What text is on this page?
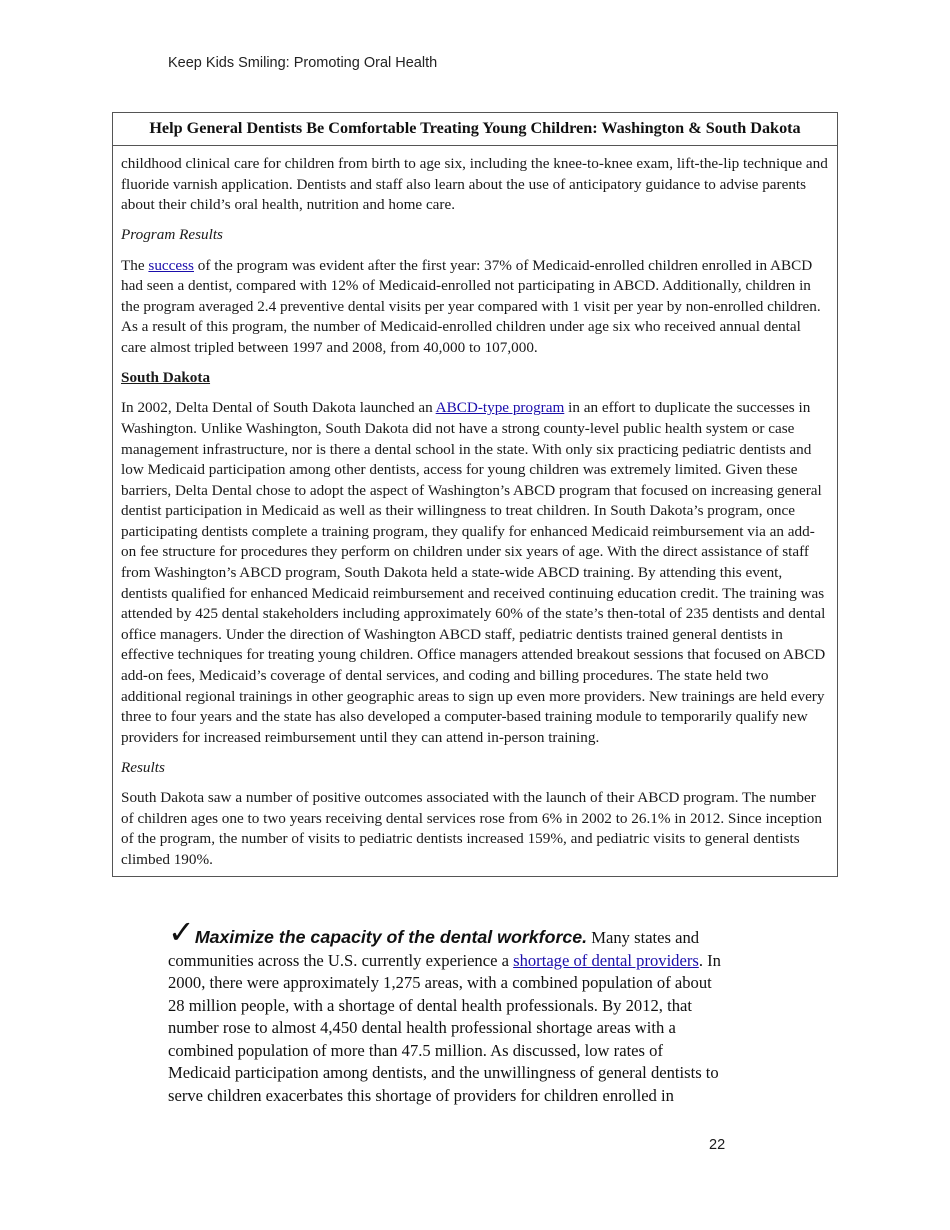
Keep Kids Smiling: Promoting Oral Health
Help General Dentists Be Comfortable Treating Young Children: Washington & South Dakota

childhood clinical care for children from birth to age six, including the knee-to-knee exam, lift-the-lip technique and fluoride varnish application. Dentists and staff also learn about the use of anticipatory guidance to advise parents about their child’s oral health, nutrition and home care.

Program Results

The success of the program was evident after the first year: 37% of Medicaid-enrolled children enrolled in ABCD had seen a dentist, compared with 12% of Medicaid-enrolled not participating in ABCD. Additionally, children in the program averaged 2.4 preventive dental visits per year compared with 1 visit per year by non-enrolled children. As a result of this program, the number of Medicaid-enrolled children under age six who received annual dental care almost tripled between 1997 and 2008, from 40,000 to 107,000.

South Dakota

In 2002, Delta Dental of South Dakota launched an ABCD-type program in an effort to duplicate the successes in Washington. Unlike Washington, South Dakota did not have a strong county-level public health system or case management infrastructure, nor is there a dental school in the state. With only six practicing pediatric dentists and low Medicaid participation among other dentists, access for young children was extremely limited. Given these barriers, Delta Dental chose to adopt the aspect of Washington’s ABCD program that focused on increasing general dentist participation in Medicaid as well as their willingness to treat children. In South Dakota’s program, once participating dentists complete a training program, they qualify for enhanced Medicaid reimbursement via an add-on fee structure for procedures they perform on children under six years of age. With the direct assistance of staff from Washington’s ABCD program, South Dakota held a state-wide ABCD training. By attending this event, dentists qualified for enhanced Medicaid reimbursement and received continuing education credit. The training was attended by 425 dental stakeholders including approximately 60% of the state’s then-total of 235 dentists and dental office managers. Under the direction of Washington ABCD staff, pediatric dentists trained general dentists in effective techniques for treating young children. Office managers attended breakout sessions that focused on ABCD add-on fees, Medicaid’s coverage of dental services, and coding and billing procedures. The state held two additional regional trainings in other geographic areas to sign up even more providers. New trainings are held every three to four years and the state has also developed a computer-based training module to temporarily qualify new providers for increased reimbursement until they can attend in-person training.

Results

South Dakota saw a number of positive outcomes associated with the launch of their ABCD program. The number of children ages one to two years receiving dental services rose from 6% in 2002 to 26.1% in 2012. Since inception of the program, the number of visits to pediatric dentists increased 159%, and pediatric visits to general dentists climbed 190%.

✓Maximize the capacity of the dental workforce. Many states and communities across the U.S. currently experience a shortage of dental providers. In 2000, there were approximately 1,275 areas, with a combined population of about 28 million people, with a shortage of dental health professionals. By 2012, that number rose to almost 4,450 dental health professional shortage areas with a combined population of more than 47.5 million. As discussed, low rates of Medicaid participation among dentists, and the unwillingness of general dentists to serve children exacerbates this shortage of providers for children enrolled in
22
